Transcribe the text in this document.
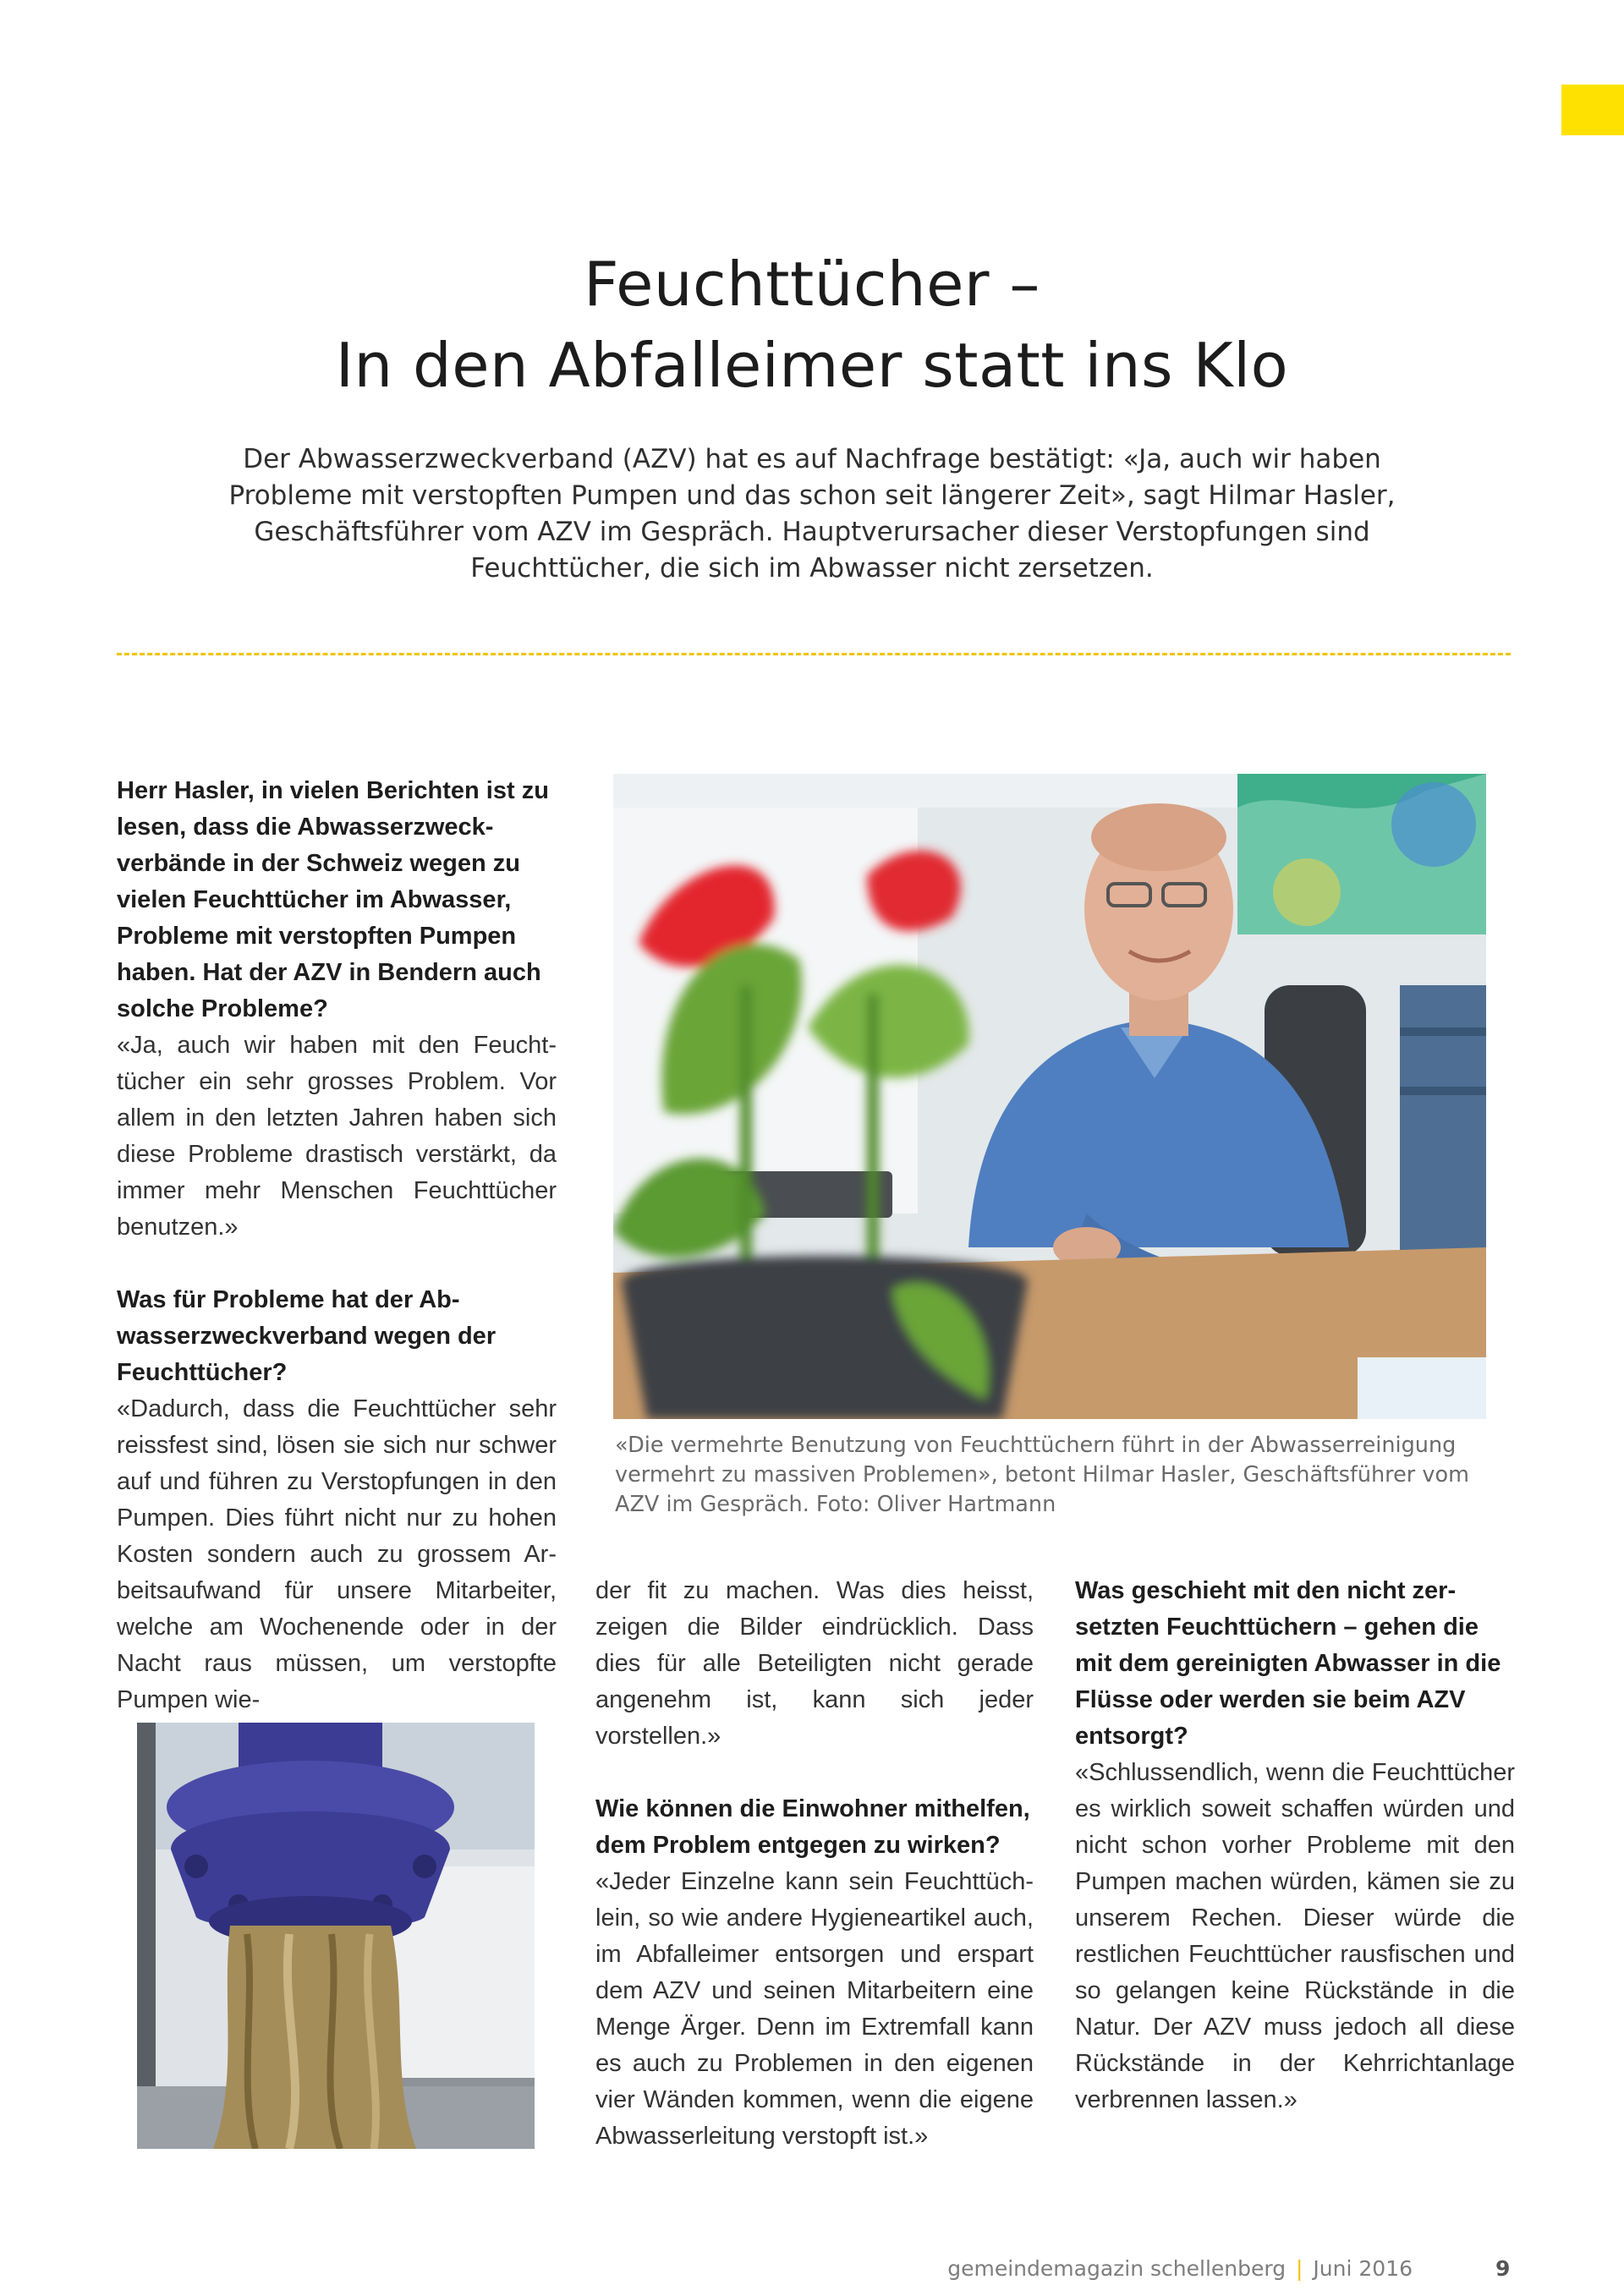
Feuchttücher –
In den Abfalleimer statt ins Klo

Der Abwasserzweckverband (AZV) hat es auf Nachfrage bestätigt: «Ja, auch wir haben Probleme mit verstopften Pumpen und das schon seit längerer Zeit», sagt Hilmar Hasler, Geschäftsführer vom AZV im Gespräch. Hauptverursacher dieser Verstopfungen sind Feuchttücher, die sich im Abwasser nicht zersetzen.

Herr Hasler, in vielen Berichten ist zu lesen, dass die Abwasserzweckverbände in der Schweiz wegen zu vielen Feuchttücher im Abwasser, Probleme mit verstopften Pumpen haben. Hat der AZV in Bendern auch solche Probleme?

«Ja, auch wir haben mit den Feuchttücher ein sehr grosses Problem. Vor allem in den letzten Jahren haben sich diese Probleme drastisch verstärkt, da immer mehr Menschen Feuchttücher benutzen.»

Was für Probleme hat der Abwasserzweckverband wegen der Feuchttücher?

«Dadurch, dass die Feuchttücher sehr reissfest sind, lösen sie sich nur schwer auf und führen zu Verstopfungen in den Pumpen. Dies führt nicht nur zu hohen Kosten sondern auch zu grossem Arbeitsaufwand für unsere Mitarbeiter, welche am Wochenende oder in der Nacht raus müssen, um verstopfte Pumpen wie-

«Die vermehrte Benutzung von Feuchttüchern führt in der Abwasserreinigung vermehrt zu massiven Problemen», betont Hilmar Hasler, Geschäftsführer vom AZV im Gespräch. Foto: Oliver Hartmann

der fit zu machen. Was dies heisst, zeigen die Bilder eindrücklich. Dass dies für alle Beteiligten nicht gerade angenehm ist, kann sich jeder vorstellen.»

Wie können die Einwohner mithelfen, dem Problem entgegen zu wirken?

«Jeder Einzelne kann sein Feuchttüchlein, so wie andere Hygieneartikel auch, im Abfalleimer entsorgen und erspart dem AZV und seinen Mitarbeitern eine Menge Ärger. Denn im Extremfall kann es auch zu Problemen in den eigenen vier Wänden kommen, wenn die eigene Abwasserleitung verstopft ist.»

Was geschieht mit den nicht zersetzten Feuchttüchern – gehen die mit dem gereinigten Abwasser in die Flüsse oder werden sie beim AZV entsorgt?

«Schlussendlich, wenn die Feuchttücher es wirklich soweit schaffen würden und nicht schon vorher Probleme mit den Pumpen machen würden, kämen sie zu unserem Rechen. Dieser würde die restlichen Feuchttücher rausfischen und so gelangen keine Rückstände in die Natur. Der AZV muss jedoch all diese Rückstände in der Kehrrichtanlage verbrennen lassen.»

gemeindemagazin schellenberg | Juni 2016	9
